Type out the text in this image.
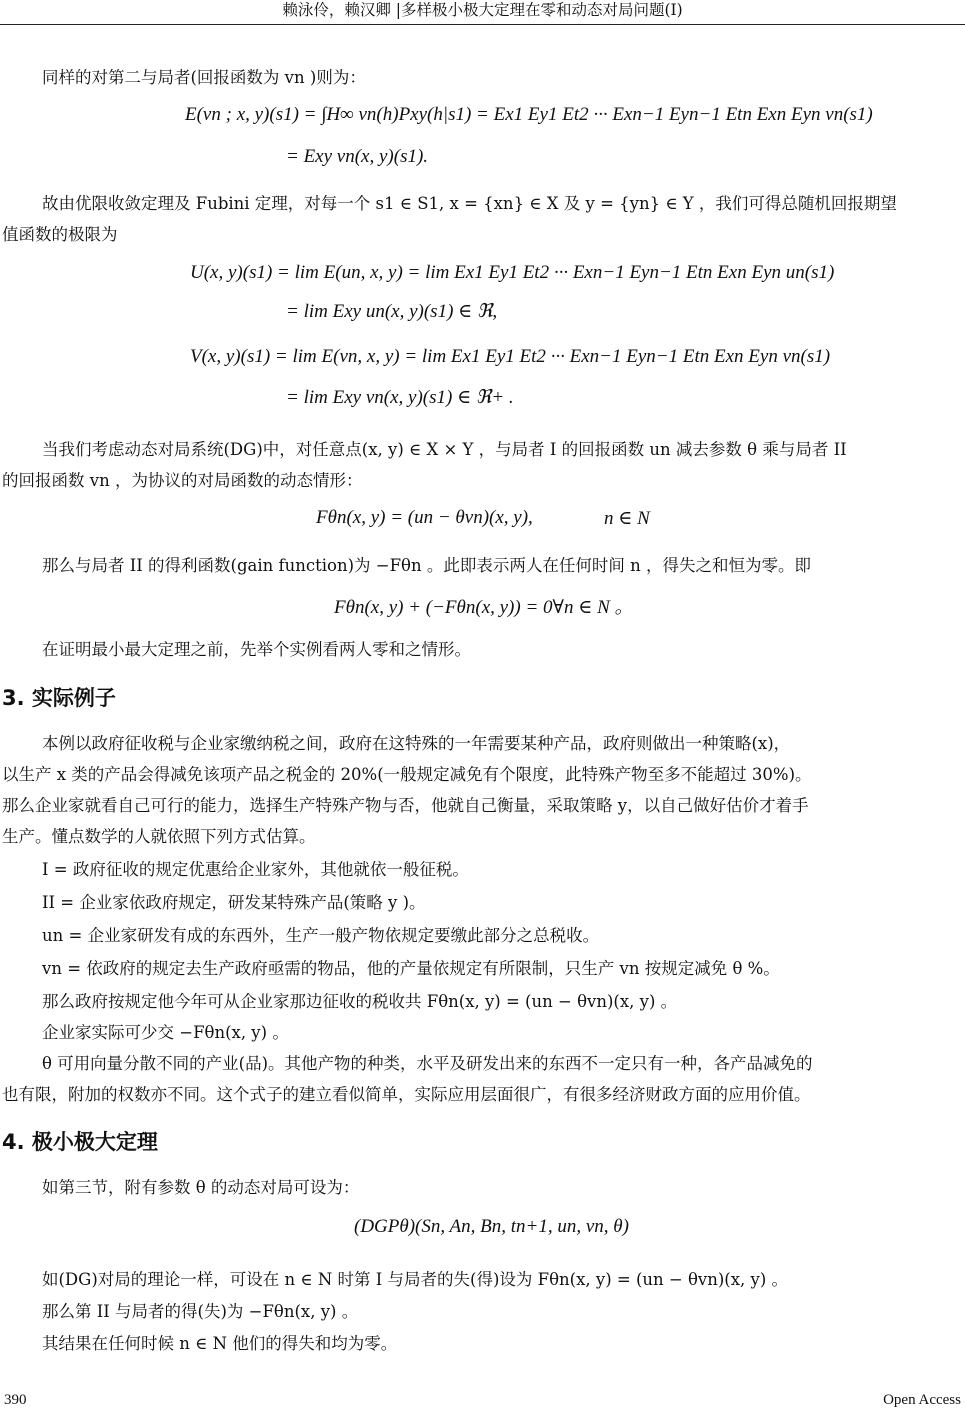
赖泳伶，赖汉卿 |多样极小极大定理在零和动态对局问题(I)
同样的对第二与局者(回报函数为 vn )则为：
E(vn ; x, y)(s1) = ∫H∞ vn(h)Pxy(h|s1) = Ex1 Ey1 Et2 ··· Exn−1 Eyn−1 Etn Exn Eyn vn(s1)
= Exy vn(x, y)(s1).
故由优限收敛定理及 Fubini 定理，对每一个 s1 ∈ S1, x = {xn} ∈ X 及 y = {yn} ∈ Y ，我们可得总随机回报期望
值函数的极限为
U(x, y)(s1) = lim E(un, x, y) = lim Ex1 Ey1 Et2 ··· Exn−1 Eyn−1 Etn Exn Eyn un(s1)
= lim Exy un(x, y)(s1) ∈ ℜ,
V(x, y)(s1) = lim E(vn, x, y) = lim Ex1 Ey1 Et2 ··· Exn−1 Eyn−1 Etn Exn Eyn vn(s1)
= lim Exy vn(x, y)(s1) ∈ ℜ+ .
当我们考虑动态对局系统(DG)中，对任意点(x, y) ∈ X × Y ，与局者 I 的回报函数 un 减去参数 θ 乘与局者 II
的回报函数 vn ，为协议的对局函数的动态情形：
Fθn(x, y) = (un − θvn)(x, y),	n ∈ N
那么与局者 II 的得利函数(gain function)为 −Fθn 。此即表示两人在任何时间 n ，得失之和恒为零。即
Fθn(x, y) + (−Fθn(x, y)) = 0∀n ∈ N 。
在证明最小最大定理之前，先举个实例看两人零和之情形。
3. 实际例子
本例以政府征收税与企业家缴纳税之间，政府在这特殊的一年需要某种产品，政府则做出一种策略(x)，
以生产 x 类的产品会得减免该项产品之税金的 20%(一般规定减免有个限度，此特殊产物至多不能超过 30%)。
那么企业家就看自己可行的能力，选择生产特殊产物与否，他就自己衡量，采取策略 y，以自己做好估价才着手
生产。懂点数学的人就依照下列方式估算。
I = 政府征收的规定优惠给企业家外，其他就依一般征税。
II = 企业家依政府规定，研发某特殊产品(策略 y )。
un = 企业家研发有成的东西外，生产一般产物依规定要缴此部分之总税收。
vn = 依政府的规定去生产政府亟需的物品，他的产量依规定有所限制，只生产 vn 按规定减免 θ %。
那么政府按规定他今年可从企业家那边征收的税收共 Fθn(x, y) = (un − θvn)(x, y) 。
企业家实际可少交 −Fθn(x, y) 。
θ 可用向量分散不同的产业(品)。其他产物的种类，水平及研发出来的东西不一定只有一种，各产品减免的
也有限，附加的权数亦不同。这个式子的建立看似简单，实际应用层面很广，有很多经济财政方面的应用价值。
4. 极小极大定理
如第三节，附有参数 θ 的动态对局可设为：
(DGPθ)(Sn, An, Bn, tn+1, un, vn, θ)
如(DG)对局的理论一样，可设在 n ∈ N 时第 I 与局者的失(得)设为 Fθn(x, y) = (un − θvn)(x, y) 。
那么第 II 与局者的得(失)为 −Fθn(x, y) 。
其结果在任何时候 n ∈ N 他们的得失和均为零。
390	Open Access
